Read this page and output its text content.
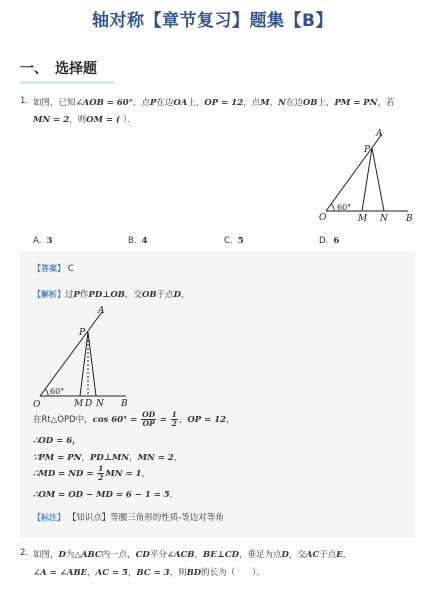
轴对称【章节复习】题集【B】
一、 选择题
1. 如图，已知∠AOB = 60°，点P在边OA上，OP = 12，点M，N在边OB上，PM = PN，若
MN = 2，则OM = ( ）．
A
P
O	M N B
60°
A. 3	B. 4	C. 5	D. 6
【答案】 C
【解析】过P作PD⊥OB，交OB于点D，
A
P
O	M D N B
60°
在Rt△OPD中，$\cos 60^\circ = \frac{OD}{OP} = \frac{1}{2}$ ，OP = 12，
∴OD = 6，
∵PM = PN，PD⊥MN，MN = 2，
∴MD = ND = $\frac{1}{2}$ MN = 1，
∴OM = OD − MD = 6 − 1 = 5．
【标注】 【知识点】等腰三角形的性质-等边对等角
2. 如图，D为△ABC内一点，CD平分∠ACB，BE⊥CD，垂足为点D，交AC于点E，
∠A = ∠ABE，AC = 5，BC = 3，则BD的长为（　　）．
